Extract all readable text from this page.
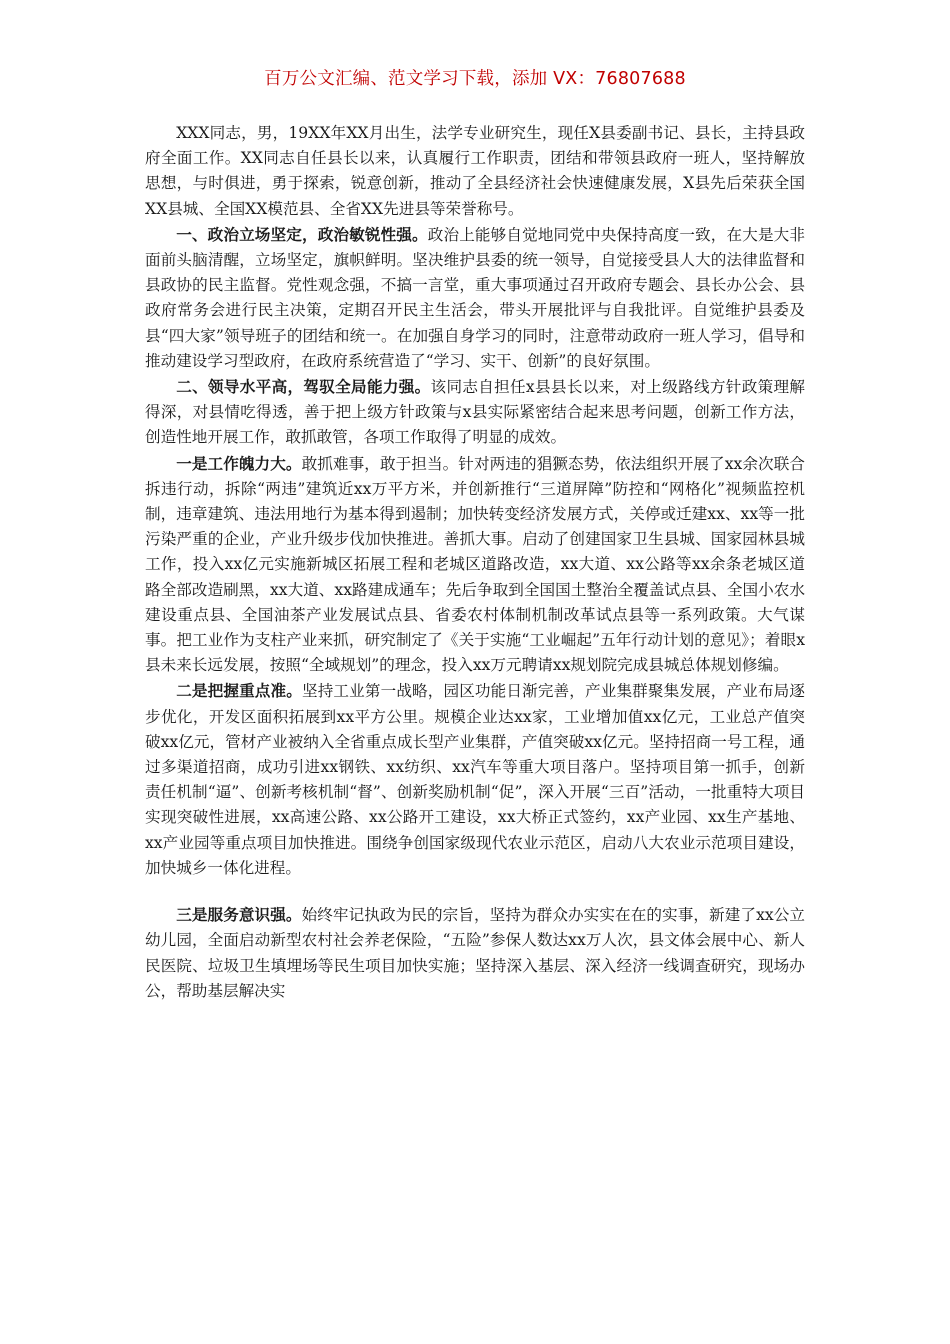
百万公文汇编、范文学习下载，添加 VX：76807688

XXX同志，男，19XX年XX月出生，法学专业研究生，现任X县委副书记、县长，主持县政府全面工作。XX同志自任县长以来，认真履行工作职责，团结和带领县政府一班人，坚持解放思想，与时俱进，勇于探索，锐意创新，推动了全县经济社会快速健康发展，X县先后荣获全国XX县城、全国XX模范县、全省XX先进县等荣誉称号。

一、政治立场坚定，政治敏锐性强。政治上能够自觉地同党中央保持高度一致，在大是大非面前头脑清醒，立场坚定，旗帜鲜明。坚决维护县委的统一领导，自觉接受县人大的法律监督和县政协的民主监督。党性观念强，不搞一言堂，重大事项通过召开政府专题会、县长办公会、县政府常务会进行民主决策，定期召开民主生活会，带头开展批评与自我批评。自觉维护县委及县“四大家”领导班子的团结和统一。在加强自身学习的同时，注意带动政府一班人学习，倡导和推动建设学习型政府，在政府系统营造了“学习、实干、创新”的良好氛围。

二、领导水平高，驾驭全局能力强。该同志自担任x县县长以来，对上级路线方针政策理解得深，对县情吃得透，善于把上级方针政策与x县实际紧密结合起来思考问题，创新工作方法，创造性地开展工作，敢抓敢管，各项工作取得了明显的成效。

一是工作魄力大。敢抓难事，敢于担当。针对两违的猖獗态势，依法组织开展了xx余次联合拆违行动，拆除“两违”建筑近xx万平方米，并创新推行“三道屏障”防控和“网格化”视频监控机制，违章建筑、违法用地行为基本得到遏制；加快转变经济发展方式，关停或迁建xx、xx等一批污染严重的企业，产业升级步伐加快推进。善抓大事。启动了创建国家卫生县城、国家园林县城工作，投入xx亿元实施新城区拓展工程和老城区道路改造，xx大道、xx公路等xx余条老城区道路全部改造刷黑，xx大道、xx路建成通车；先后争取到全国国土整治全覆盖试点县、全国小农水建设重点县、全国油茶产业发展试点县、省委农村体制机制改革试点县等一系列政策。大气谋事。把工业作为支柱产业来抓，研究制定了《关于实施“工业崛起”五年行动计划的意见》；着眼x县未来长远发展，按照“全域规划”的理念，投入xx万元聘请xx规划院完成县城总体规划修编。

二是把握重点准。坚持工业第一战略，园区功能日渐完善，产业集群聚集发展，产业布局逐步优化，开发区面积拓展到xx平方公里。规模企业达xx家，工业增加值xx亿元，工业总产值突破xx亿元，管材产业被纳入全省重点成长型产业集群，产值突破xx亿元。坚持招商一号工程，通过多渠道招商，成功引进xx钢铁、xx纺织、xx汽车等重大项目落户。坚持项目第一抓手，创新责任机制“逼”、创新考核机制“督”、创新奖励机制“促”，深入开展“三百”活动，一批重特大项目实现突破性进展，xx高速公路、xx公路开工建设，xx大桥正式签约，xx产业园、xx生产基地、xx产业园等重点项目加快推进。围绕争创国家级现代农业示范区，启动八大农业示范项目建设，加快城乡一体化进程。

三是服务意识强。始终牢记执政为民的宗旨，坚持为群众办实实在在的实事，新建了xx公立幼儿园，全面启动新型农村社会养老保险，“五险”参保人数达xx万人次，县文体会展中心、新人民医院、垃圾卫生填埋场等民生项目加快实施；坚持深入基层、深入经济一线调查研究，现场办公，帮助基层解决实
